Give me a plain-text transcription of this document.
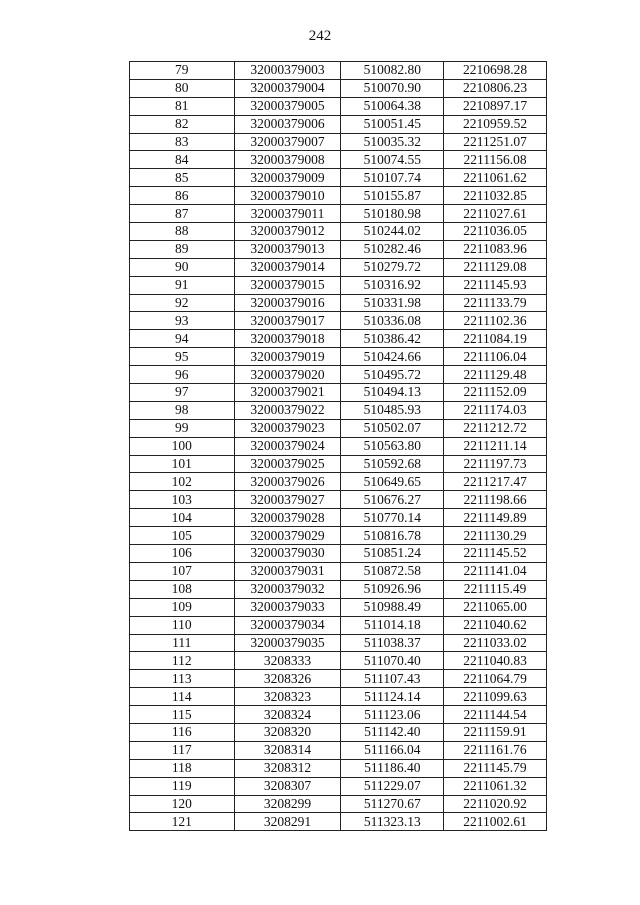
242
79	32000379003	510082.80	2210698.28
80	32000379004	510070.90	2210806.23
81	32000379005	510064.38	2210897.17
82	32000379006	510051.45	2210959.52
83	32000379007	510035.32	2211251.07
84	32000379008	510074.55	2211156.08
85	32000379009	510107.74	2211061.62
86	32000379010	510155.87	2211032.85
87	32000379011	510180.98	2211027.61
88	32000379012	510244.02	2211036.05
89	32000379013	510282.46	2211083.96
90	32000379014	510279.72	2211129.08
91	32000379015	510316.92	2211145.93
92	32000379016	510331.98	2211133.79
93	32000379017	510336.08	2211102.36
94	32000379018	510386.42	2211084.19
95	32000379019	510424.66	2211106.04
96	32000379020	510495.72	2211129.48
97	32000379021	510494.13	2211152.09
98	32000379022	510485.93	2211174.03
99	32000379023	510502.07	2211212.72
100	32000379024	510563.80	2211211.14
101	32000379025	510592.68	2211197.73
102	32000379026	510649.65	2211217.47
103	32000379027	510676.27	2211198.66
104	32000379028	510770.14	2211149.89
105	32000379029	510816.78	2211130.29
106	32000379030	510851.24	2211145.52
107	32000379031	510872.58	2211141.04
108	32000379032	510926.96	2211115.49
109	32000379033	510988.49	2211065.00
110	32000379034	511014.18	2211040.62
111	32000379035	511038.37	2211033.02
112	3208333	511070.40	2211040.83
113	3208326	511107.43	2211064.79
114	3208323	511124.14	2211099.63
115	3208324	511123.06	2211144.54
116	3208320	511142.40	2211159.91
117	3208314	511166.04	2211161.76
118	3208312	511186.40	2211145.79
119	3208307	511229.07	2211061.32
120	3208299	511270.67	2211020.92
121	3208291	511323.13	2211002.61
